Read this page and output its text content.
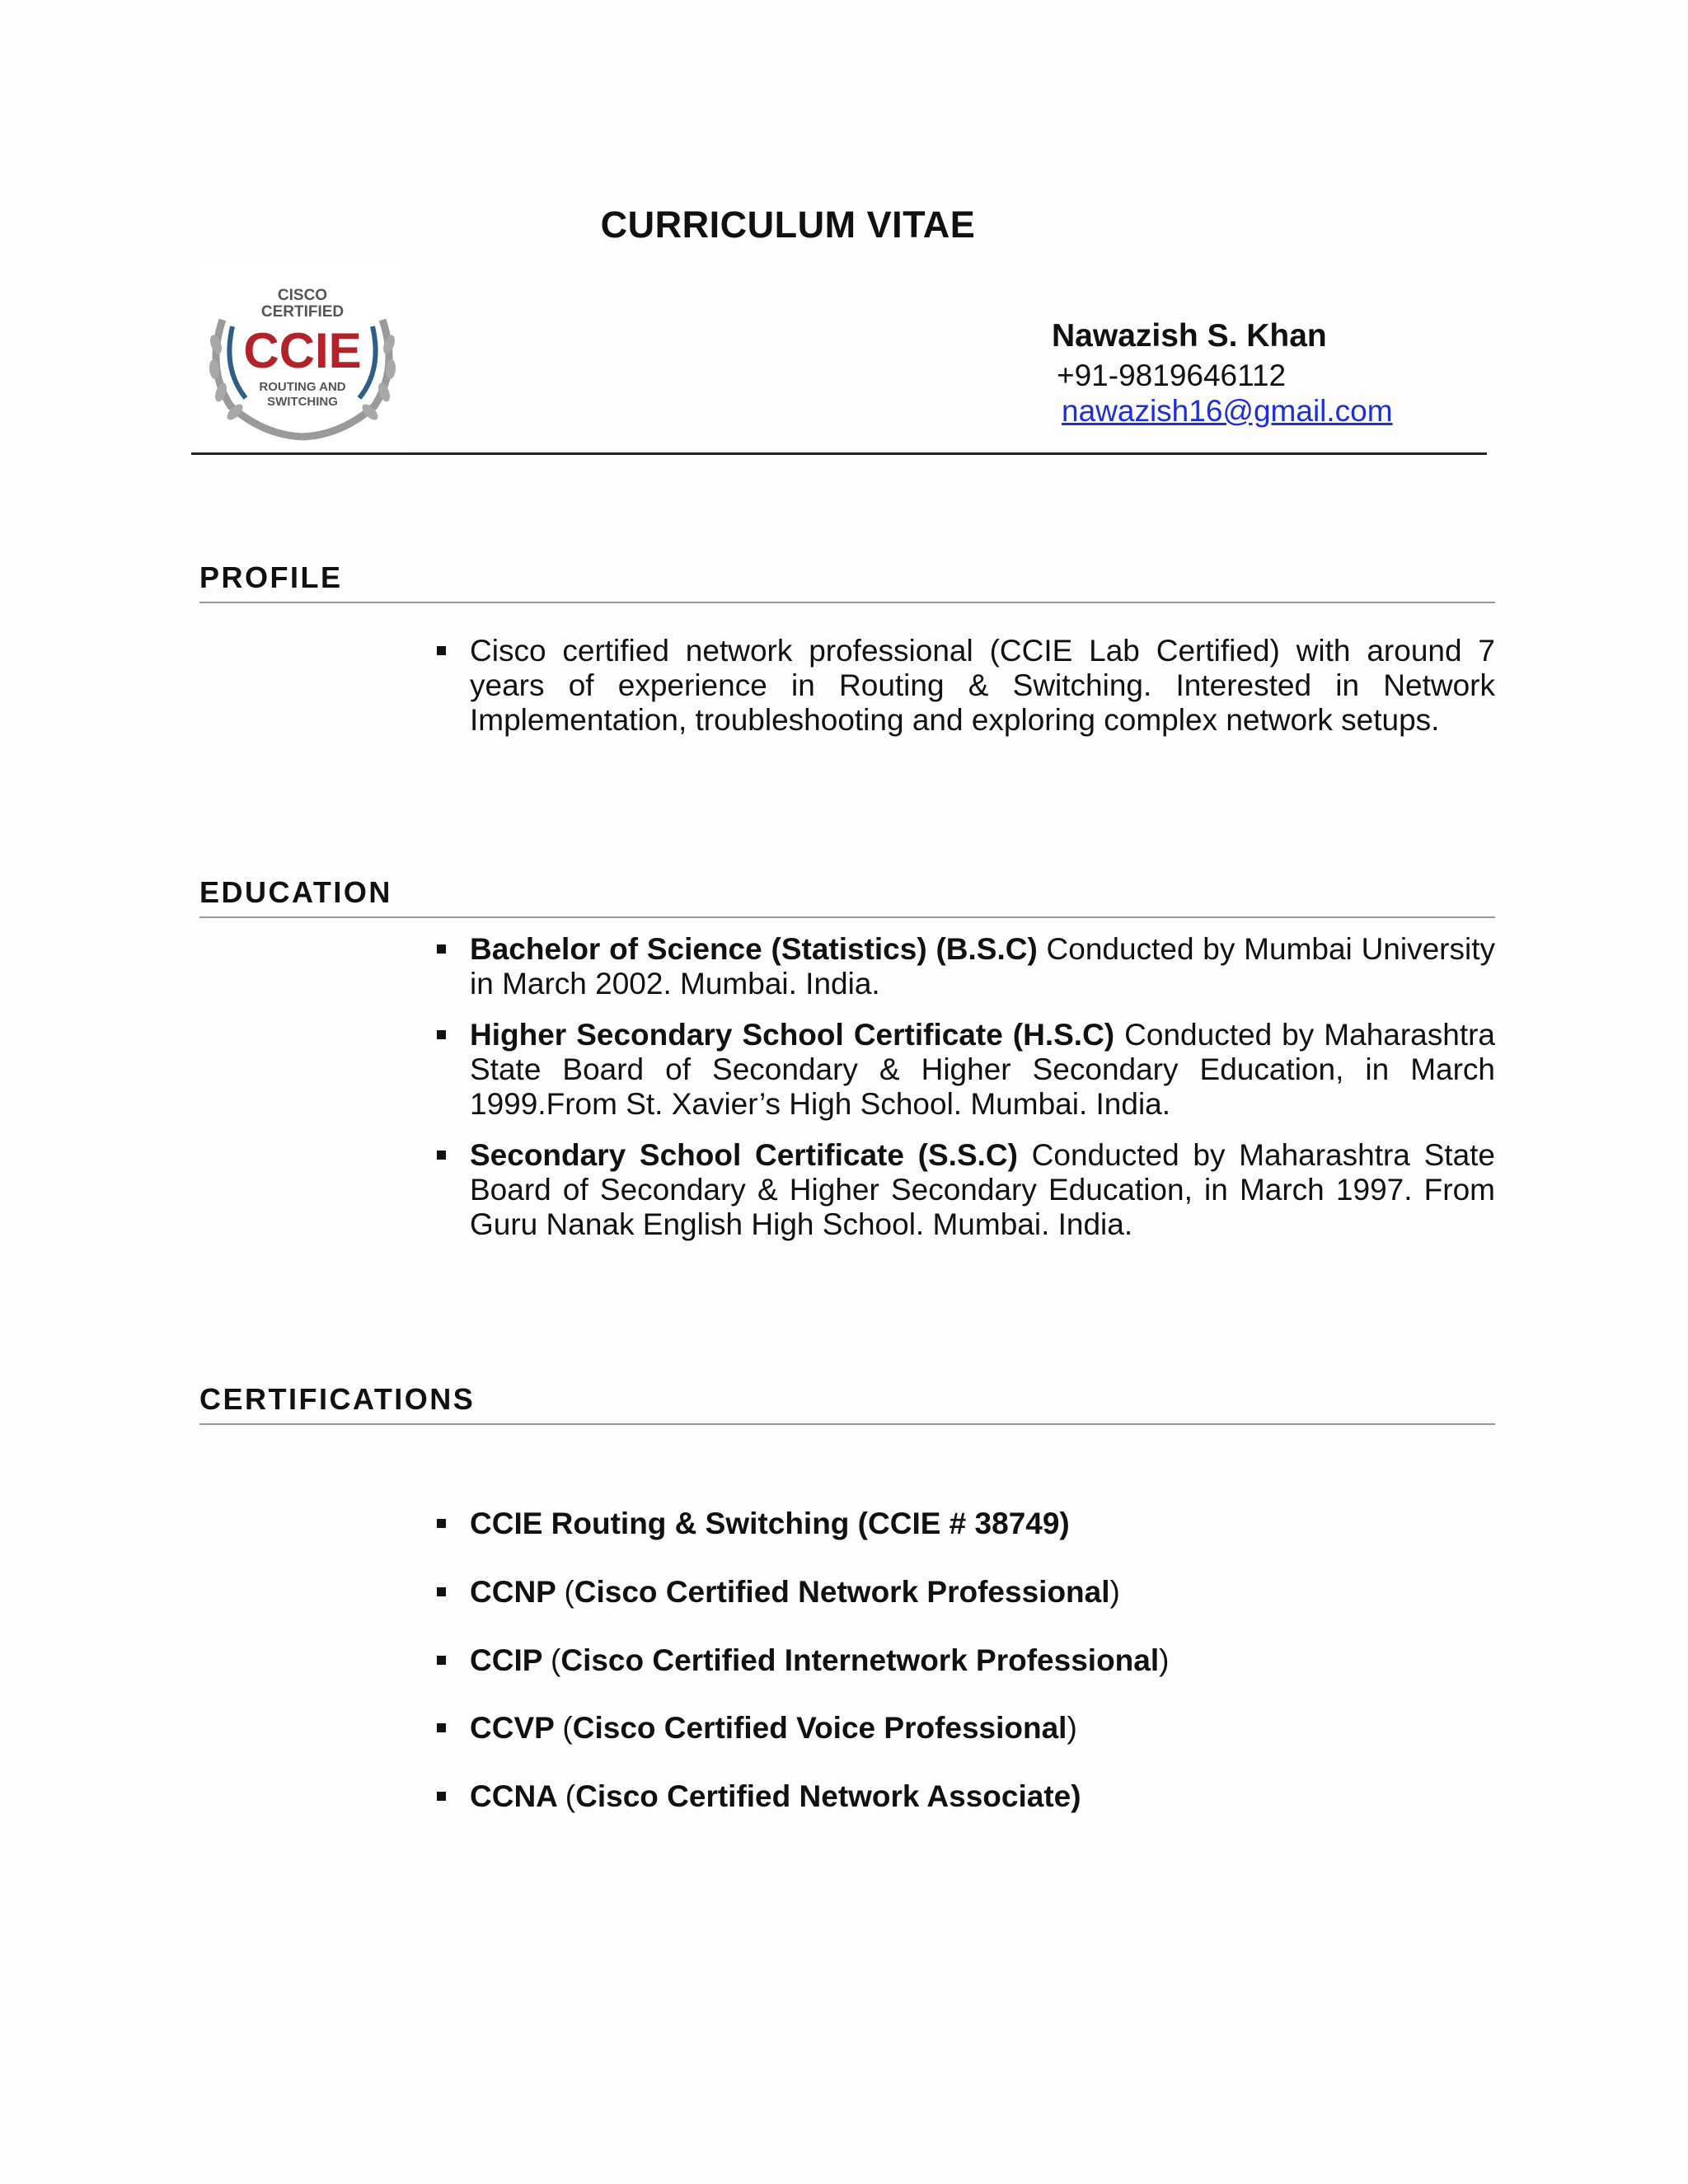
CURRICULUM VITAE
CISCO
CERTIFIED
CCIE
ROUTING AND
SWITCHING
Nawazish S. Khan
+91-9819646112
nawazish16@gmail.com
PROFILE
Cisco certified network professional (CCIE Lab Certified) with around 7 years of experience in Routing & Switching. Interested in Network Implementation, troubleshooting and exploring complex network setups.
EDUCATION
Bachelor of Science (Statistics) (B.S.C) Conducted by Mumbai University in March 2002. Mumbai. India.
Higher Secondary School Certificate (H.S.C) Conducted by Maharashtra State Board of Secondary & Higher Secondary Education, in March 1999.From St. Xavier’s High School. Mumbai. India.
Secondary School Certificate (S.S.C) Conducted by Maharashtra State Board of Secondary & Higher Secondary Education, in March 1997. From Guru Nanak English High School. Mumbai. India.
CERTIFICATIONS
CCIE Routing & Switching (CCIE # 38749)
CCNP (Cisco Certified Network Professional)
CCIP (Cisco Certified Internetwork Professional)
CCVP (Cisco Certified Voice Professional)
CCNA (Cisco Certified Network Associate)
